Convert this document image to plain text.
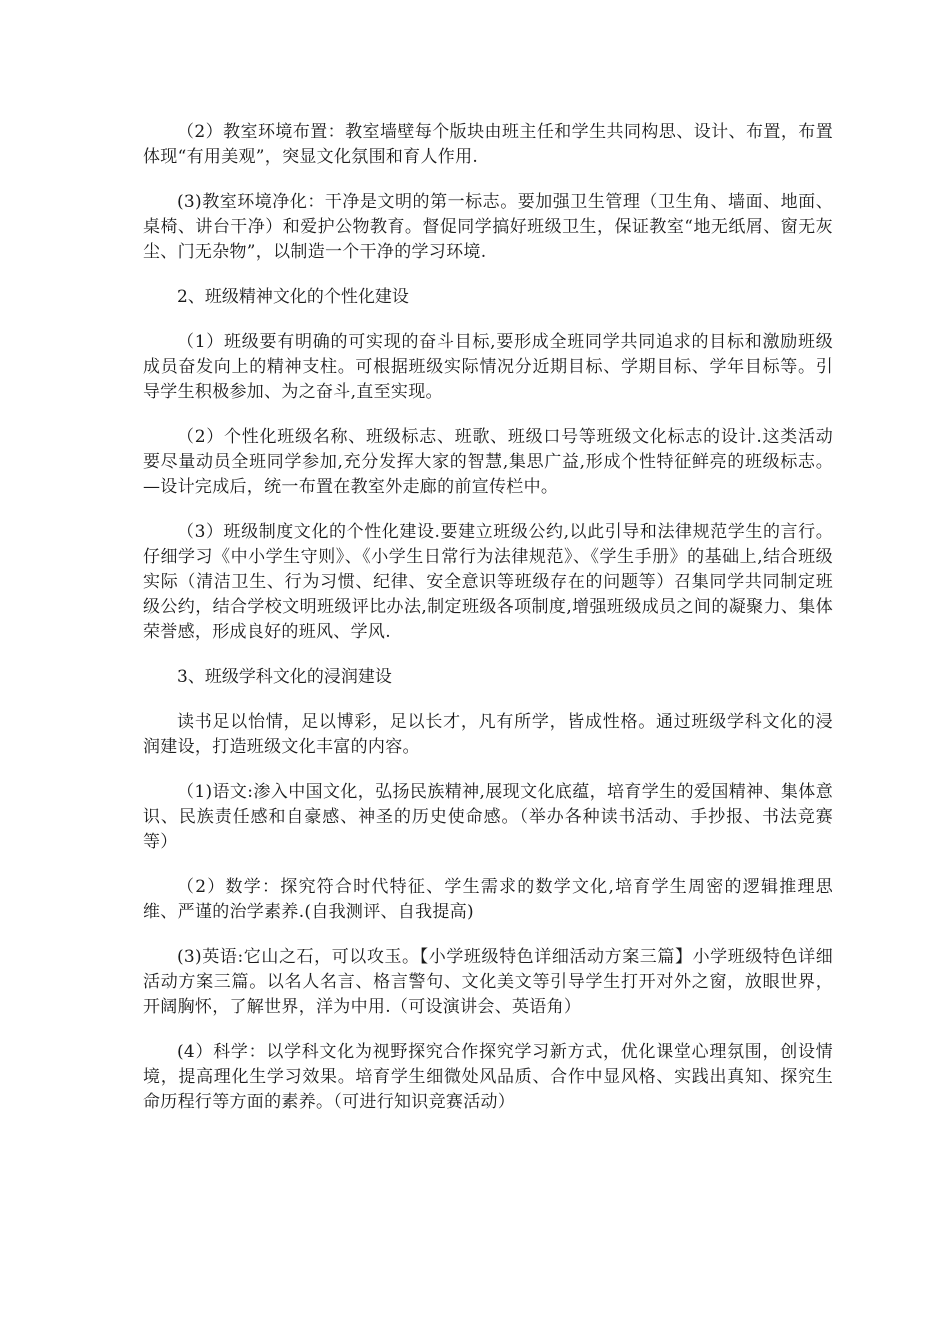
（2）教室环境布置：教室墙壁每个版块由班主任和学生共同构思、设计、布置，布置体现“有用美观”，突显文化氛围和育人作用.

(3)教室环境净化：干净是文明的第一标志。要加强卫生管理（卫生角、墙面、地面、桌椅、讲台干净）和爱护公物教育。督促同学搞好班级卫生，保证教室“地无纸屑、窗无灰尘、门无杂物”，以制造一个干净的学习环境.

2、班级精神文化的个性化建设

（1）班级要有明确的可实现的奋斗目标,要形成全班同学共同追求的目标和激励班级成员奋发向上的精神支柱。可根据班级实际情况分近期目标、学期目标、学年目标等。引导学生积极参加、为之奋斗,直至实现。

（2）个性化班级名称、班级标志、班歌、班级口号等班级文化标志的设计.这类活动要尽量动员全班同学参加,充分发挥大家的智慧,集思广益,形成个性特征鲜亮的班级标志。—设计完成后，统一布置在教室外走廊的前宣传栏中。

（3）班级制度文化的个性化建设.要建立班级公约,以此引导和法律规范学生的言行。仔细学习《中小学生守则》、《小学生日常行为法律规范》、《学生手册》的基础上,结合班级实际（清洁卫生、行为习惯、纪律、安全意识等班级存在的问题等）召集同学共同制定班级公约，结合学校文明班级评比办法,制定班级各项制度,增强班级成员之间的凝聚力、集体荣誉感，形成良好的班风、学风.

3、班级学科文化的浸润建设

读书足以怡情，足以博彩，足以长才，凡有所学，皆成性格。通过班级学科文化的浸润建设，打造班级文化丰富的内容。

（1)语文:渗入中国文化，弘扬民族精神,展现文化底蕴，培育学生的爱国精神、集体意识、民族责任感和自豪感、神圣的历史使命感。（举办各种读书活动、手抄报、书法竞赛等）

（2）数学：探究符合时代特征、学生需求的数学文化,培育学生周密的逻辑推理思维、严谨的治学素养.(自我测评、自我提高)

(3)英语:它山之石，可以攻玉。【小学班级特色详细活动方案三篇】小学班级特色详细活动方案三篇。以名人名言、格言警句、文化美文等引导学生打开对外之窗，放眼世界，开阔胸怀，了解世界，洋为中用.（可设演讲会、英语角）

(4）科学：以学科文化为视野探究合作探究学习新方式，优化课堂心理氛围，创设情境，提高理化生学习效果。培育学生细微处风品质、合作中显风格、实践出真知、探究生命历程行等方面的素养。（可进行知识竞赛活动）
